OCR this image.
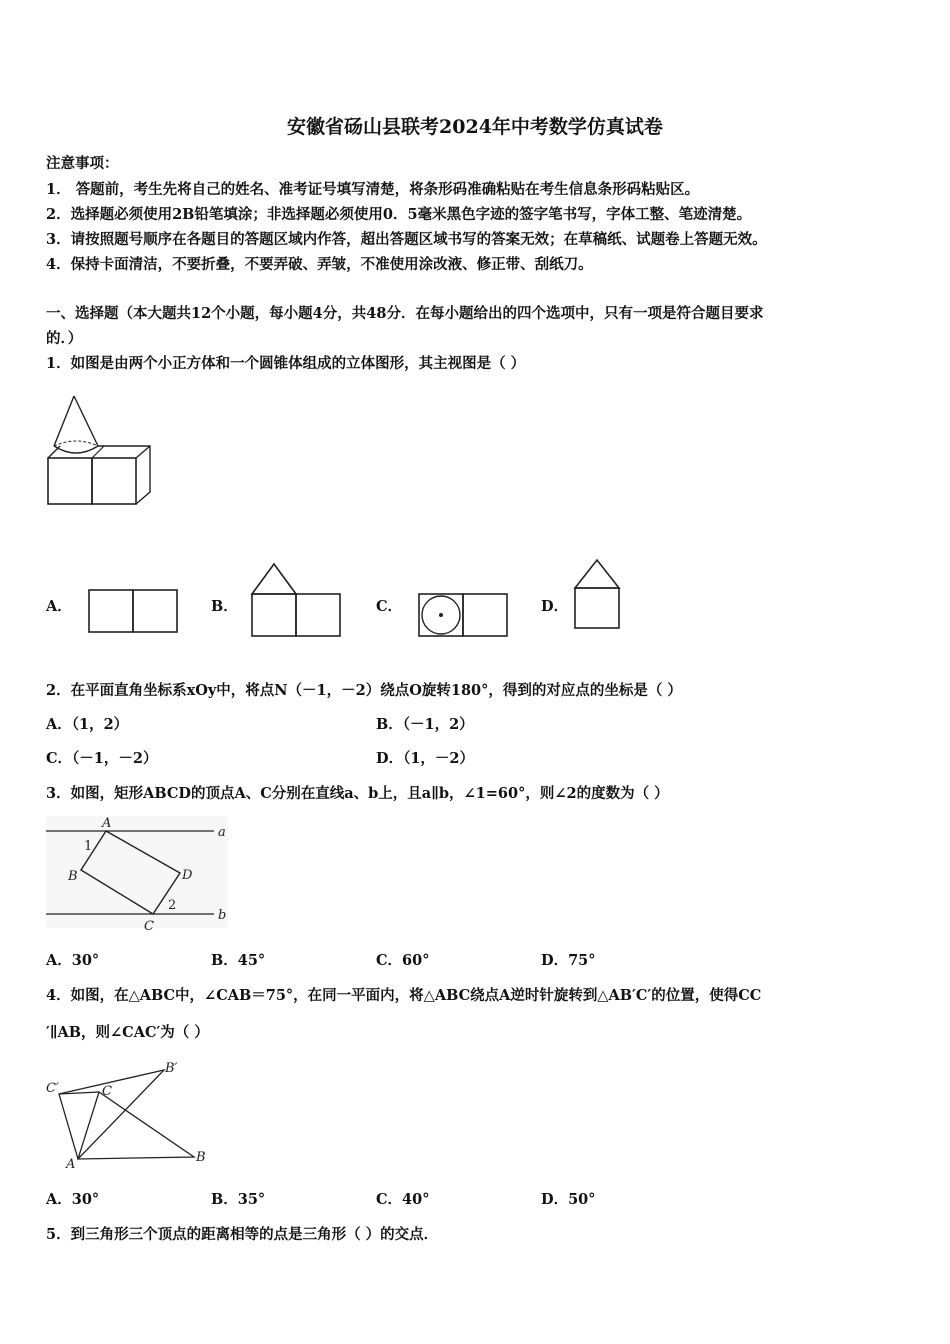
安徽省砀山县联考2024年中考数学仿真试卷
注意事项：
1． 答题前，考生先将自己的姓名、准考证号填写清楚，将条形码准确粘贴在考生信息条形码粘贴区。
2．选择题必须使用2B铅笔填涂；非选择题必须使用0．5毫米黑色字迹的签字笔书写，字体工整、笔迹清楚。
3．请按照题号顺序在各题目的答题区域内作答，超出答题区域书写的答案无效；在草稿纸、试题卷上答题无效。
4．保持卡面清洁，不要折叠，不要弄破、弄皱，不准使用涂改液、修正带、刮纸刀。
一、选择题（本大题共12个小题，每小题4分，共48分．在每小题给出的四个选项中，只有一项是符合题目要求
的．）
1．如图是由两个小正方体和一个圆锥体组成的立体图形，其主视图是（ ）
A．	B．	C．	D．
2．在平面直角坐标系xOy中，将点N（－1，－2）绕点O旋转180°，得到的对应点的坐标是（ ）
A．（1，2）	B．（－1，2）
C．（－1，－2）	D．（1，－2）
3．如图，矩形ABCD的顶点A、C分别在直线a、b上，且a∥b，∠1=60°，则∠2的度数为（ ）
A
a
1
B	D
2
b
C
A．30°	B．45°	C．60°	D．75°
4．如图，在△ABC中，∠CAB＝75°，在同一平面内，将△ABC绕点A逆时针旋转到△AB′C′的位置，使得CC
′∥AB，则∠CAC′为（ ）
C′
B′
C
A	B
A．30°	B．35°	C．40°	D．50°
5．到三角形三个顶点的距离相等的点是三角形（ ）的交点．
